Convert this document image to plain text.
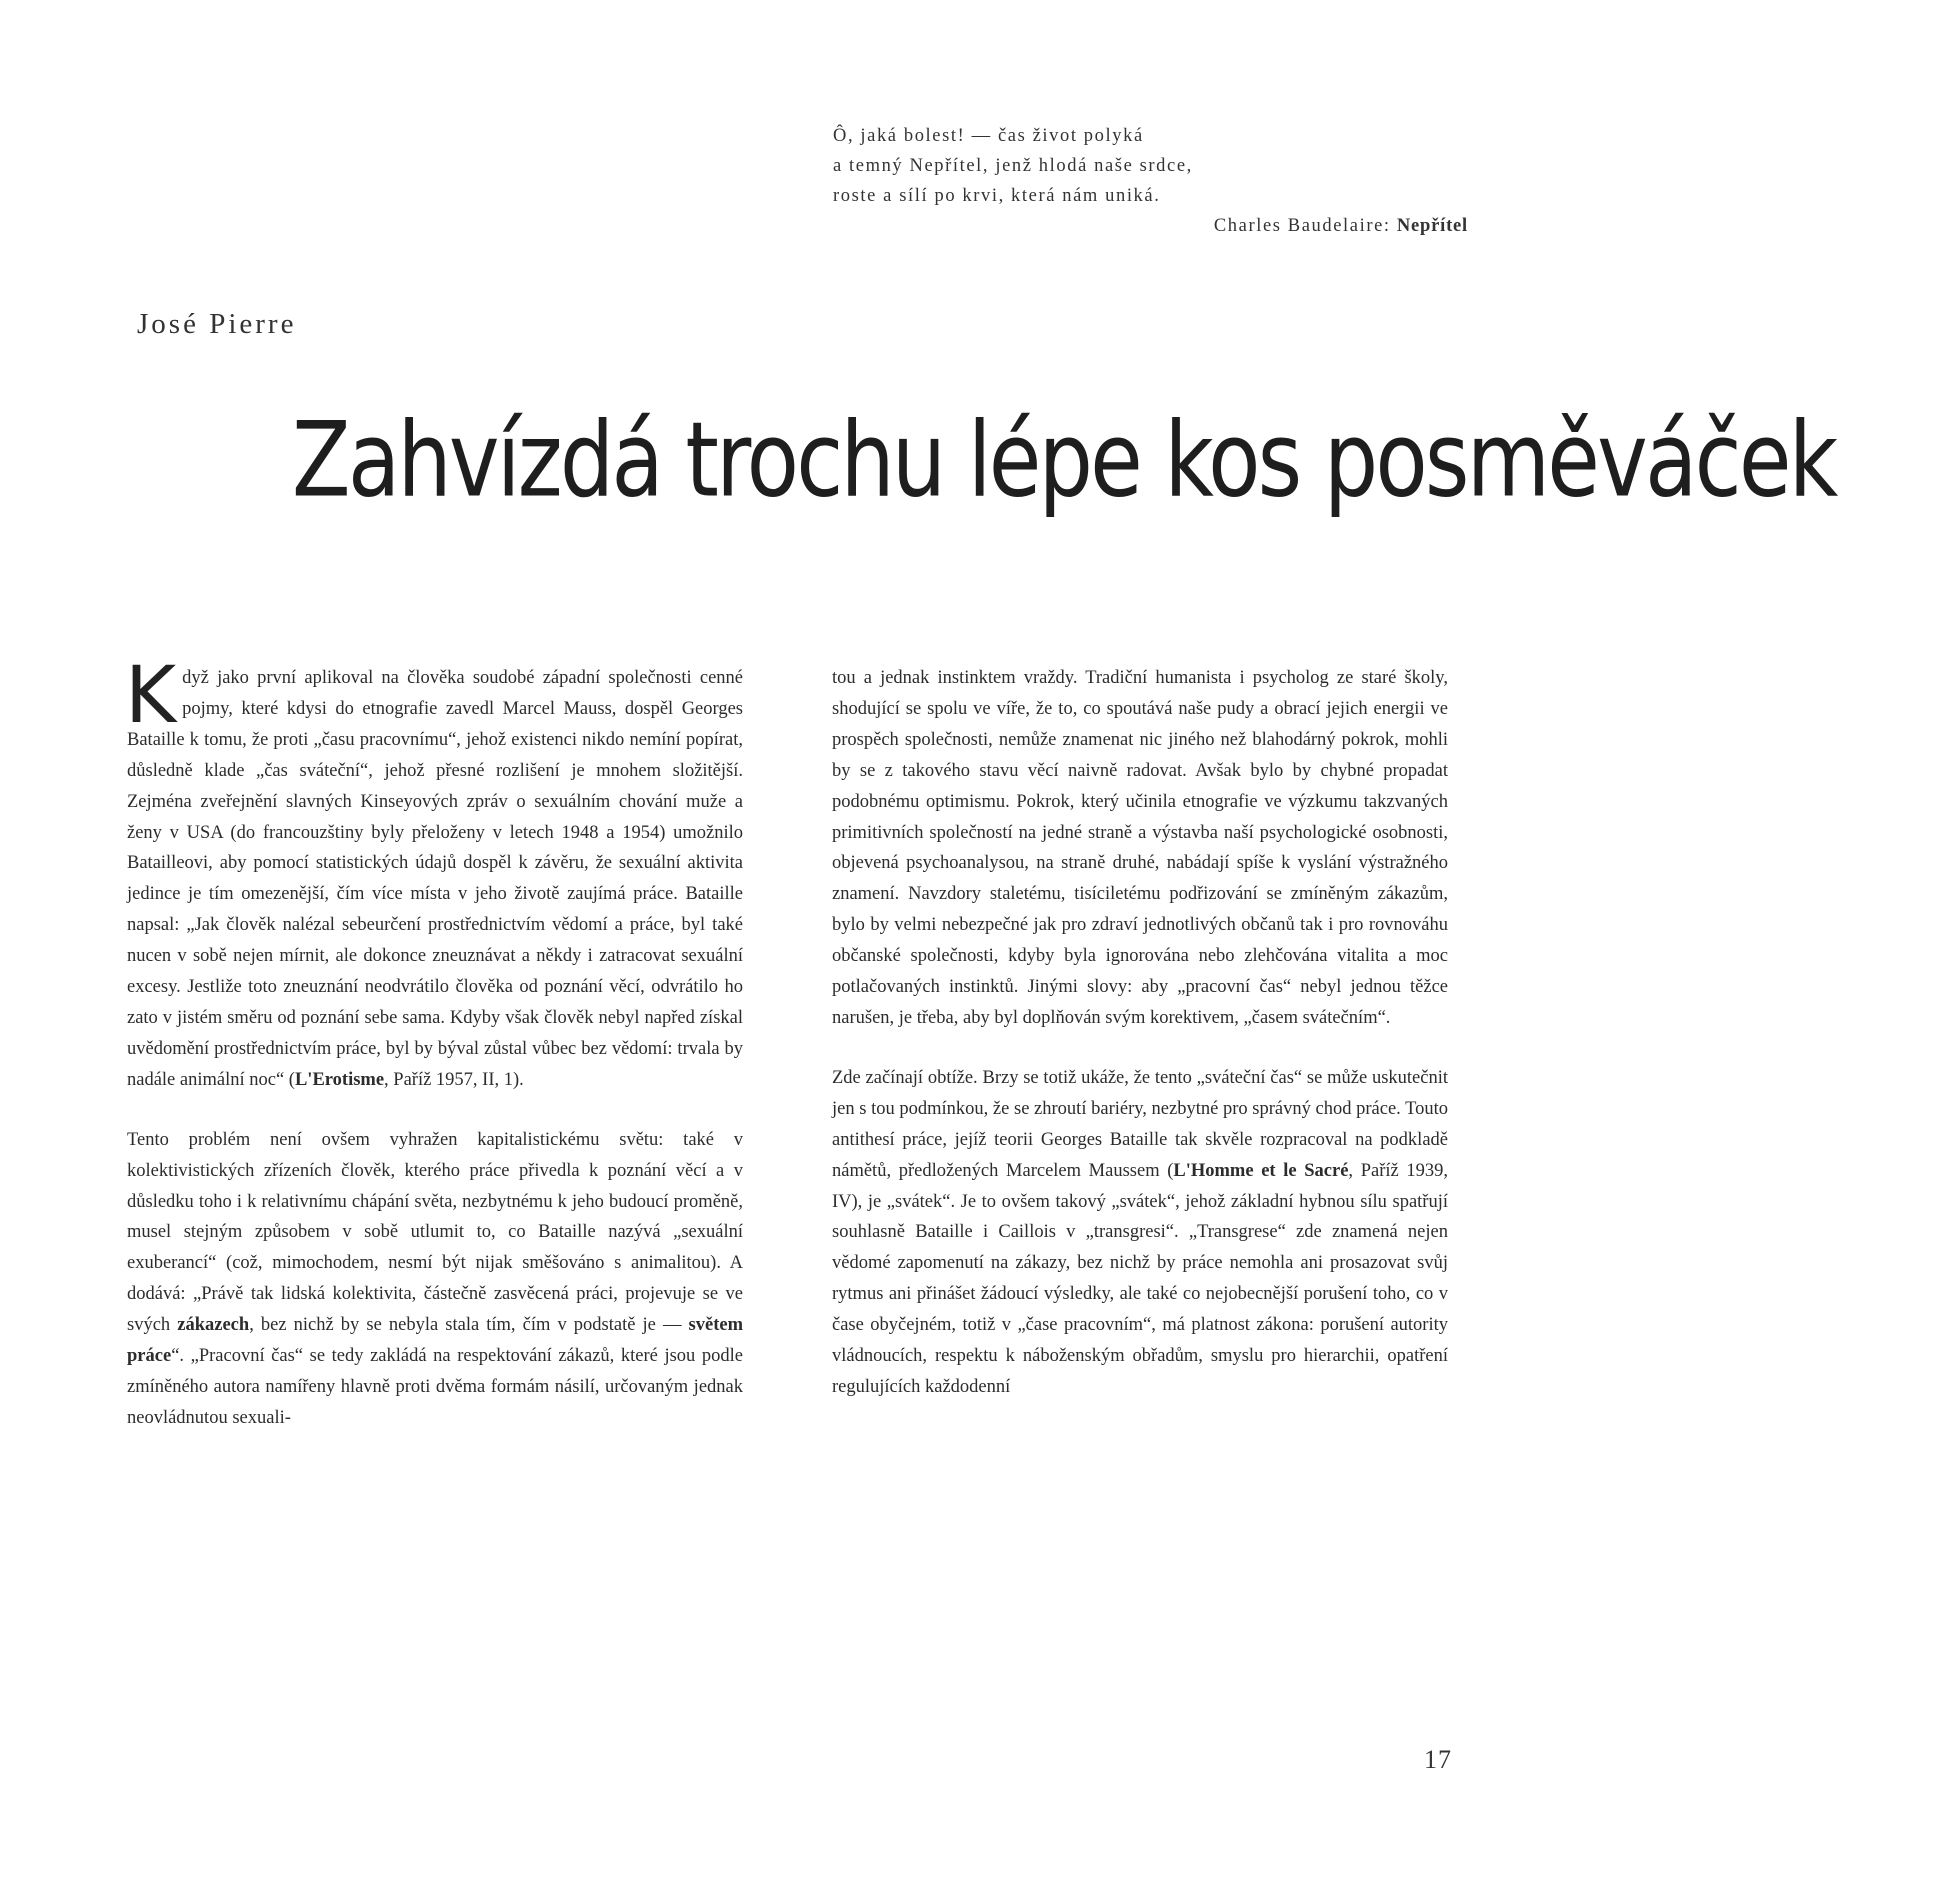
Ô, jaká bolest! — čas život polyká
a temný Nepřítel, jenž hlodá naše srdce,
roste a sílí po krvi, která nám uniká.
Charles Baudelaire: Nepřítel
José Pierre
Zahvízdá trochu lépe kos posměváček

Když jako první aplikoval na člověka soudobé západní společnosti cenné pojmy, které kdysi do etnografie zavedl Marcel Mauss, dospěl Georges Bataille k tomu, že proti „času pracovnímu“, jehož existenci nikdo nemíní popírat, důsledně klade „čas sváteční“, jehož přesné rozlišení je mnohem složitější. Zejména zveřejnění slavných Kinseyových zpráv o sexuálním chování muže a ženy v USA (do francouzštiny byly přeloženy v letech 1948 a 1954) umožnilo Batailleovi, aby pomocí statistických údajů dospěl k závěru, že sexuální aktivita jedince je tím omezenější, čím více místa v jeho životě zaujímá práce. Bataille napsal: „Jak člověk nalézal sebeurčení prostřednictvím vědomí a práce, byl také nucen v sobě nejen mírnit, ale dokonce zneuznávat a někdy i zatracovat sexuální excesy. Jestliže toto zneuznání neodvrátilo člověka od poznání věcí, odvrátilo ho zato v jistém směru od poznání sebe sama. Kdyby však člověk nebyl napřed získal uvědomění prostřednictvím práce, byl by býval zůstal vůbec bez vědomí: trvala by nadále animální noc“ (L'Erotisme, Paříž 1957, II, 1).

Tento problém není ovšem vyhražen kapitalistickému světu: také v kolektivistických zřízeních člověk, kterého práce přivedla k poznání věcí a v důsledku toho i k relativnímu chápání světa, nezbytnému k jeho budoucí proměně, musel stejným způsobem v sobě utlumit to, co Bataille nazývá „sexuální exuberancí“ (což, mimochodem, nesmí být nijak směšováno s animalitou). A dodává: „Právě tak lidská kolektivita, částečně zasvěcená práci, projevuje se ve svých zákazech, bez nichž by se nebyla stala tím, čím v podstatě je — světem práce“. „Pracovní čas“ se tedy zakládá na respektování zákazů, které jsou podle zmíněného autora namířeny hlavně proti dvěma formám násilí, určovaným jednak neovládnutou sexuali-

tou a jednak instinktem vraždy. Tradiční humanista i psycholog ze staré školy, shodující se spolu ve víře, že to, co spoutává naše pudy a obrací jejich energii ve prospěch společnosti, nemůže znamenat nic jiného než blahodárný pokrok, mohli by se z takového stavu věcí naivně radovat. Avšak bylo by chybné propadat podobnému optimismu. Pokrok, který učinila etnografie ve výzkumu takzvaných primitivních společností na jedné straně a výstavba naší psychologické osobnosti, objevená psychoanalysou, na straně druhé, nabádají spíše k vyslání výstražného znamení. Navzdory staletému, tisíciletému podřizování se zmíněným zákazům, bylo by velmi nebezpečné jak pro zdraví jednotlivých občanů tak i pro rovnováhu občanské společnosti, kdyby byla ignorována nebo zlehčována vitalita a moc potlačovaných instinktů. Jinými slovy: aby „pracovní čas“ nebyl jednou těžce narušen, je třeba, aby byl doplňován svým korektivem, „časem svátečním“.

Zde začínají obtíže. Brzy se totiž ukáže, že tento „sváteční čas“ se může uskutečnit jen s tou podmínkou, že se zhroutí bariéry, nezbytné pro správný chod práce. Touto antithesí práce, jejíž teorii Georges Bataille tak skvěle rozpracoval na podkladě námětů, předložených Marcelem Maussem (L'Homme et le Sacré, Paříž 1939, IV), je „svátek“. Je to ovšem takový „svátek“, jehož základní hybnou sílu spatřují souhlasně Bataille i Caillois v „transgresi“. „Transgrese“ zde znamená nejen vědomé zapomenutí na zákazy, bez nichž by práce nemohla ani prosazovat svůj rytmus ani přinášet žádoucí výsledky, ale také co nejobecnější porušení toho, co v čase obyčejném, totiž v „čase pracovním“, má platnost zákona: porušení autority vládnoucích, respektu k náboženským obřadům, smyslu pro hierarchii, opatření regulujících každodenní

17
